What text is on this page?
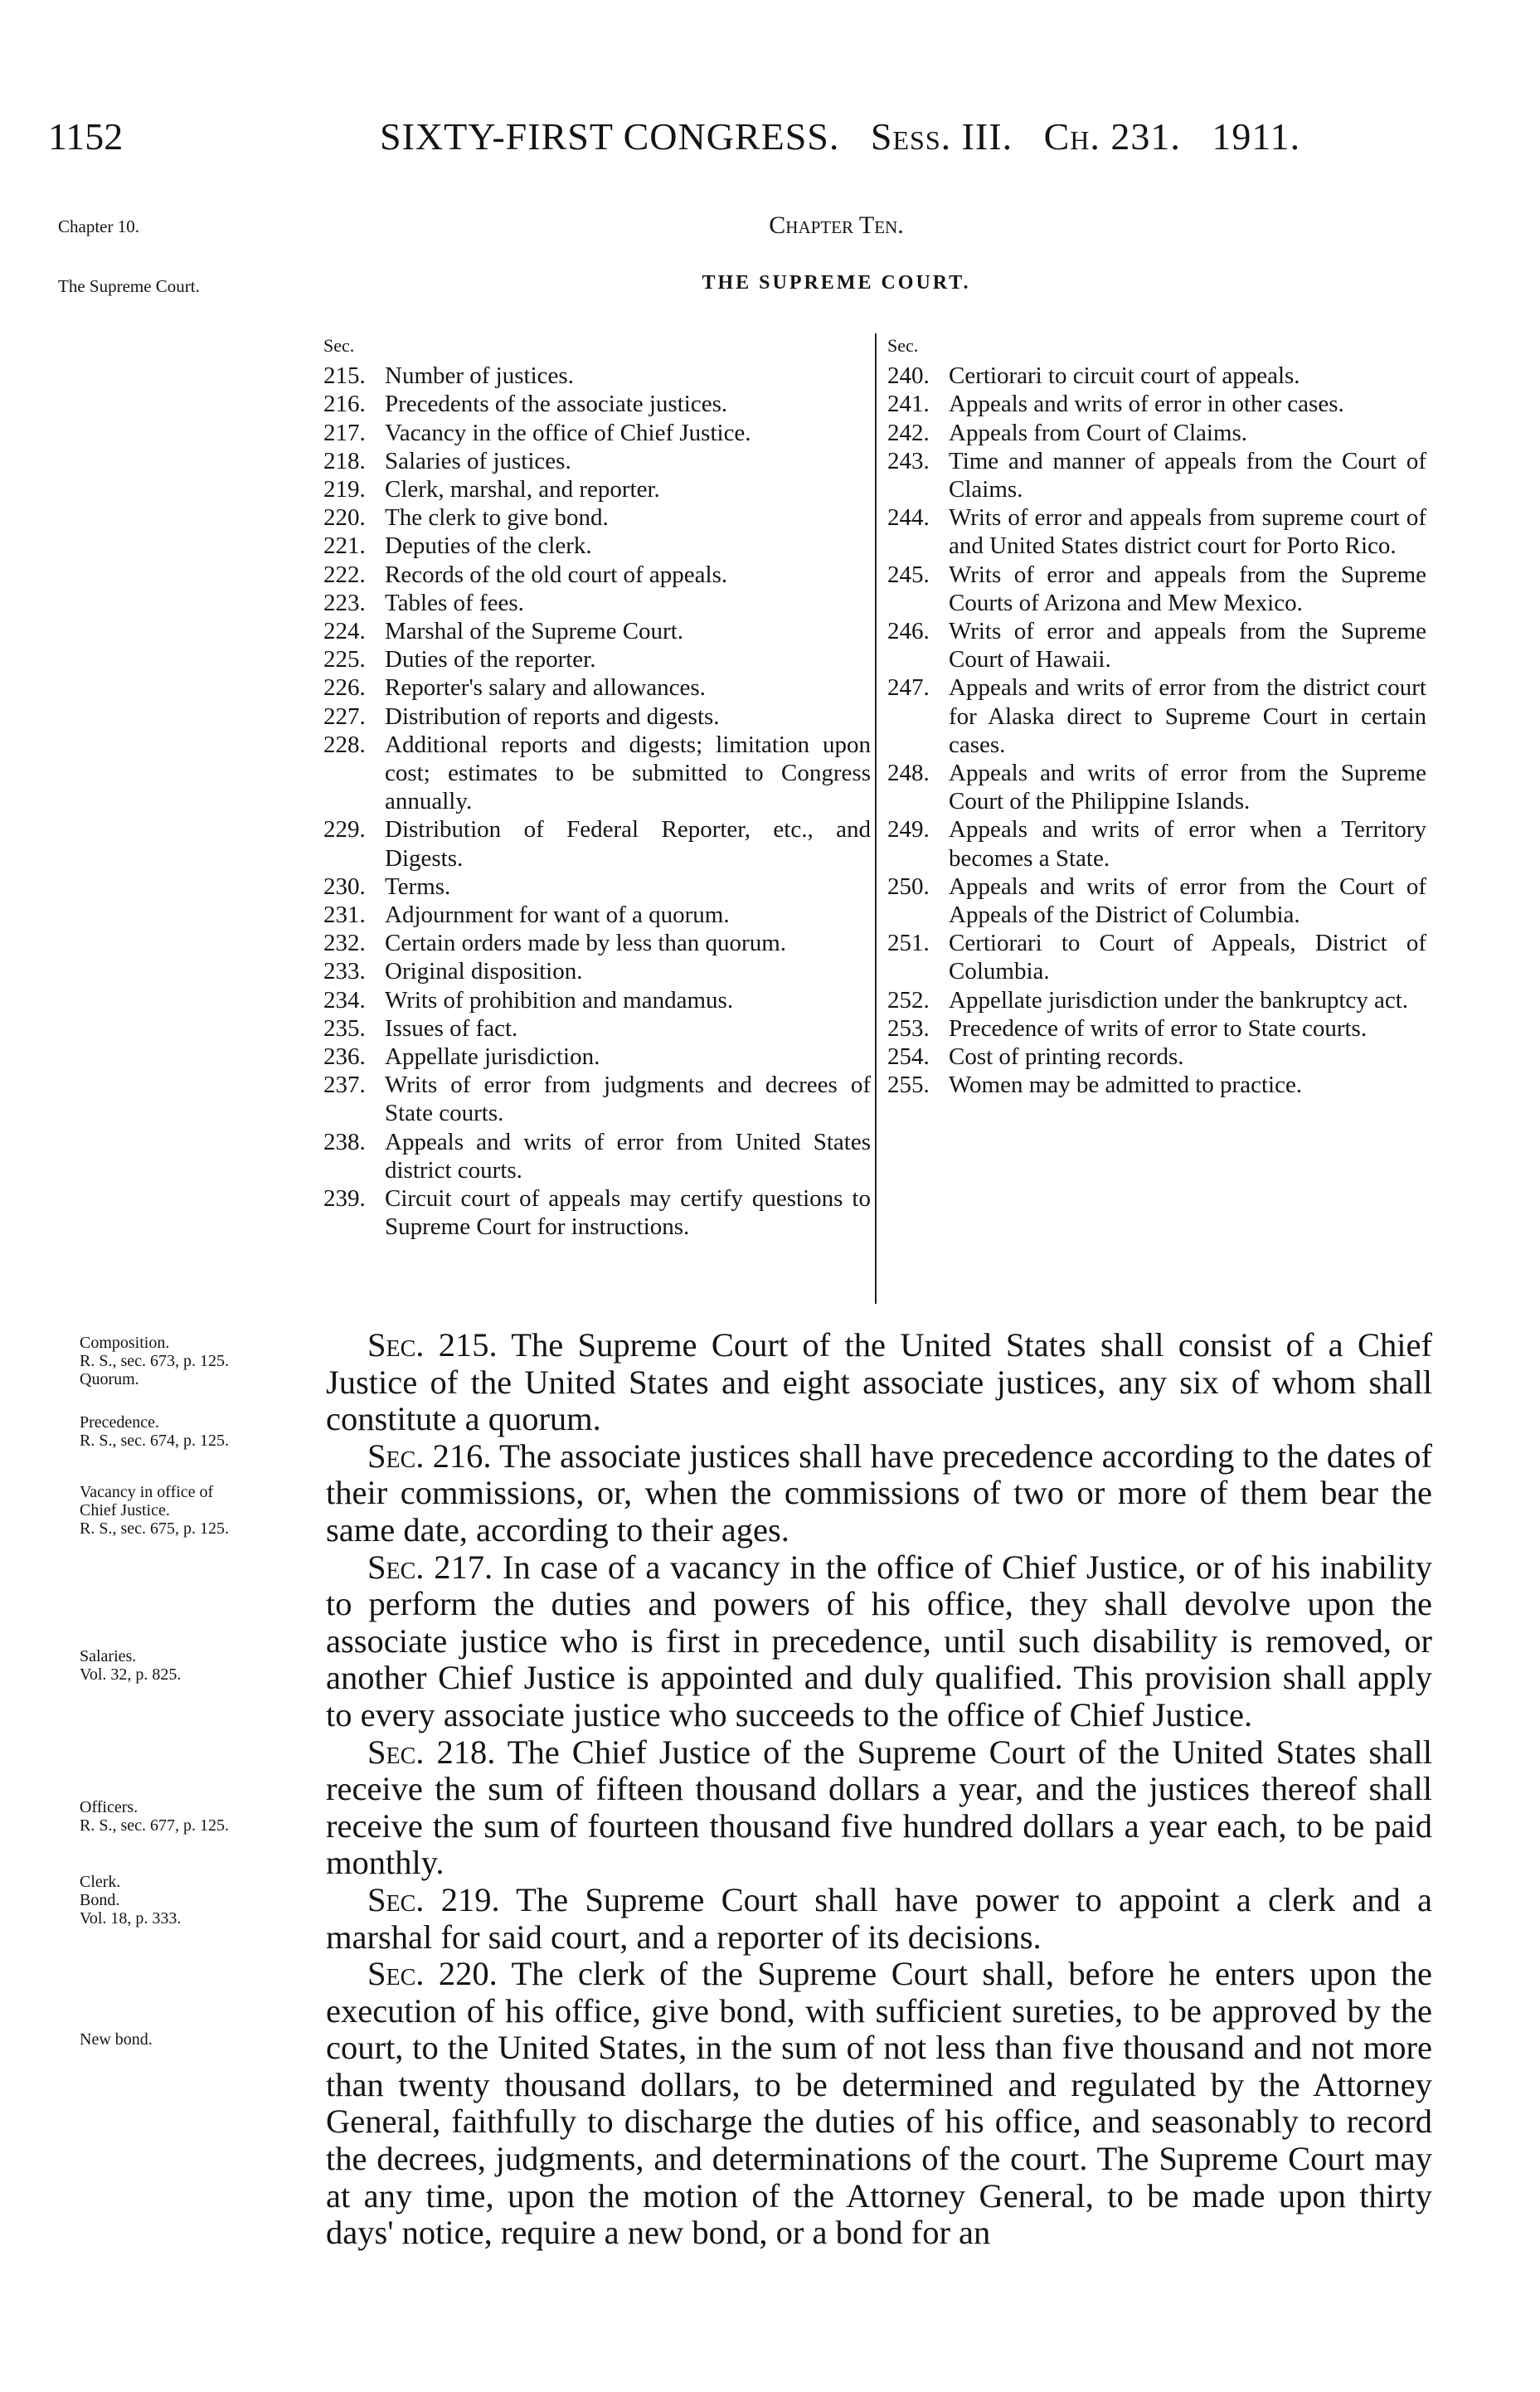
1152	SIXTY-FIRST CONGRESS. Sess. III. Ch. 231. 1911.
Chapter 10.	Chapter Ten.
The Supreme Court.	THE SUPREME COURT.
Sec.
215. Number of justices.
216. Precedents of the associate justices.
217. Vacancy in the office of Chief Justice.
218. Salaries of justices.
219. Clerk, marshal, and reporter.
220. The clerk to give bond.
221. Deputies of the clerk.
222. Records of the old court of appeals.
223. Tables of fees.
224. Marshal of the Supreme Court.
225. Duties of the reporter.
226. Reporter's salary and allowances.
227. Distribution of reports and digests.
228. Additional reports and digests; limitation upon cost; estimates to be submitted to Congress annually.
229. Distribution of Federal Reporter, etc., and Digests.
230. Terms.
231. Adjournment for want of a quorum.
232. Certain orders made by less than quorum.
233. Original disposition.
234. Writs of prohibition and mandamus.
235. Issues of fact.
236. Appellate jurisdiction.
237. Writs of error from judgments and decrees of State courts.
238. Appeals and writs of error from United States district courts.
239. Circuit court of appeals may certify questions to Supreme Court for instructions.
Sec.
240. Certiorari to circuit court of appeals.
241. Appeals and writs of error in other cases.
242. Appeals from Court of Claims.
243. Time and manner of appeals from the Court of Claims.
244. Writs of error and appeals from supreme court of and United States district court for Porto Rico.
245. Writs of error and appeals from the Supreme Courts of Arizona and Mew Mexico.
246. Writs of error and appeals from the Supreme Court of Hawaii.
247. Appeals and writs of error from the district court for Alaska direct to Supreme Court in certain cases.
248. Appeals and writs of error from the Supreme Court of the Philippine Islands.
249. Appeals and writs of error when a Territory becomes a State.
250. Appeals and writs of error from the Court of Appeals of the District of Columbia.
251. Certiorari to Court of Appeals, District of Columbia.
252. Appellate jurisdiction under the bankruptcy act.
253. Precedence of writs of error to State courts.
254. Cost of printing records.
255. Women may be admitted to practice.
Composition.
R. S., sec. 673, p. 125.
Quorum.
Precedence.
R. S., sec. 674, p. 125.
Vacancy in office of
Chief Justice.
R. S., sec. 675, p. 125.
Salaries.
Vol. 32, p. 825.
Officers.
R. S., sec. 677, p. 125.
Clerk.
Bond.
Vol. 18, p. 333.
New bond.

Sec. 215. The Supreme Court of the United States shall consist of a Chief Justice of the United States and eight associate justices, any six of whom shall constitute a quorum.

Sec. 216. The associate justices shall have precedence according to the dates of their commissions, or, when the commissions of two or more of them bear the same date, according to their ages.

Sec. 217. In case of a vacancy in the office of Chief Justice, or of his inability to perform the duties and powers of his office, they shall devolve upon the associate justice who is first in precedence, until such disability is removed, or another Chief Justice is appointed and duly qualified. This provision shall apply to every associate justice who succeeds to the office of Chief Justice.

Sec. 218. The Chief Justice of the Supreme Court of the United States shall receive the sum of fifteen thousand dollars a year, and the justices thereof shall receive the sum of fourteen thousand five hundred dollars a year each, to be paid monthly.

Sec. 219. The Supreme Court shall have power to appoint a clerk and a marshal for said court, and a reporter of its decisions.

Sec. 220. The clerk of the Supreme Court shall, before he enters upon the execution of his office, give bond, with sufficient sureties, to be approved by the court, to the United States, in the sum of not less than five thousand and not more than twenty thousand dollars, to be determined and regulated by the Attorney General, faithfully to discharge the duties of his office, and seasonably to record the decrees, judgments, and determinations of the court. The Supreme Court may at any time, upon the motion of the Attorney General, to be made upon thirty days' notice, require a new bond, or a bond for an
